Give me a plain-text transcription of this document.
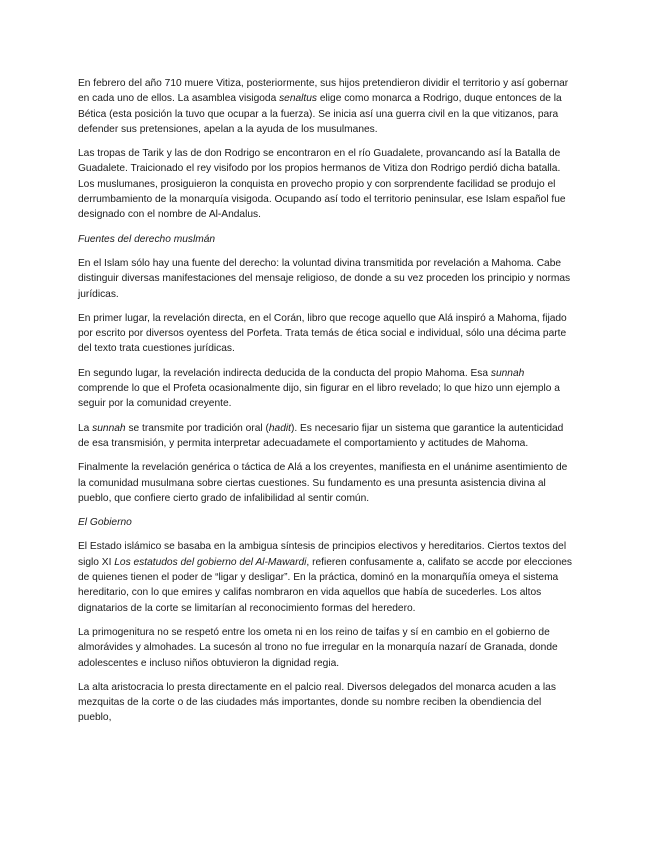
En febrero del año 710 muere Vitiza, posteriormente, sus hijos pretendieron dividir el territorio y así gobernar en cada uno de ellos. La asamblea visigoda senaltus elige como monarca a Rodrigo, duque entonces de la Bética (esta posición la tuvo que ocupar a la fuerza). Se inicia así una guerra civil en la que vitizanos, para defender sus pretensiones, apelan a la ayuda de los musulmanes.

Las tropas de Tarik y las de don Rodrigo se encontraron en el río Guadalete, provancando así la Batalla de Guadalete. Traicionado el rey visifodo por los propios hermanos de Vitiza don Rodrigo perdió dicha batalla. Los muslumanes, prosiguieron la conquista en provecho propio y con sorprendente facilidad se produjo el derrumbamiento de la monarquía visigoda. Ocupando así todo el territorio peninsular, ese Islam español fue designado con el nombre de Al-Andalus.

Fuentes del derecho muslmán

En el Islam sólo hay una fuente del derecho: la voluntad divina transmitida por revelación a Mahoma. Cabe distinguir diversas manifestaciones del mensaje religioso, de donde a su vez proceden los principio y normas jurídicas.

En primer lugar, la revelación directa, en el Corán, libro que recoge aquello que Alá inspiró a Mahoma, fijado por escrito por diversos oyentess del Porfeta. Trata temás de ética social e individual, sólo una décima parte del texto trata cuestiones jurídicas.

En segundo lugar, la revelación indirecta deducida de la conducta del propio Mahoma. Esa sunnah comprende lo que el Profeta ocasionalmente dijo, sin figurar en el libro revelado; lo que hizo unn ejemplo a seguir por la comunidad creyente.

La sunnah se transmite por tradición oral (hadit). Es necesario fijar un sistema que garantice la autenticidad de esa transmisión, y permita interpretar adecuadamete el comportamiento y actitudes de Mahoma.

Finalmente la revelación genérica o táctica de Alá a los creyentes, manifiesta en el unánime asentimiento de la comunidad musulmana sobre ciertas cuestiones. Su fundamento es una presunta asistencia divina al pueblo, que confiere cierto grado de infalibilidad al sentir común.

El Gobierno

El Estado islámico se basaba en la ambigua síntesis de principios electivos y hereditarios. Ciertos textos del siglo XI Los estatudos del gobierno del Al-Mawardi, refieren confusamente a, califato se accde por elecciones de quienes tienen el poder de “ligar y desligar”. En la práctica, dominó en la monarquñía omeya el sistema hereditario, con lo que emires y califas nombraron en vida aquellos que había de sucederles. Los altos dignatarios de la corte se limitarían al reconocimiento formas del heredero.

La primogenitura no se respetó entre los ometa ni en los reino de taifas y sí en cambio en el gobierno de almorávides y almohades. La sucesón al trono no fue irregular en la monarquía nazarí de Granada, donde adolescentes e incluso niños obtuvieron la dignidad regia.

La alta aristocracia lo presta directamente en el palcio real. Diversos delegados del monarca acuden a las mezquitas de la corte o de las ciudades más importantes, donde su nombre reciben la obendiencia del pueblo,
